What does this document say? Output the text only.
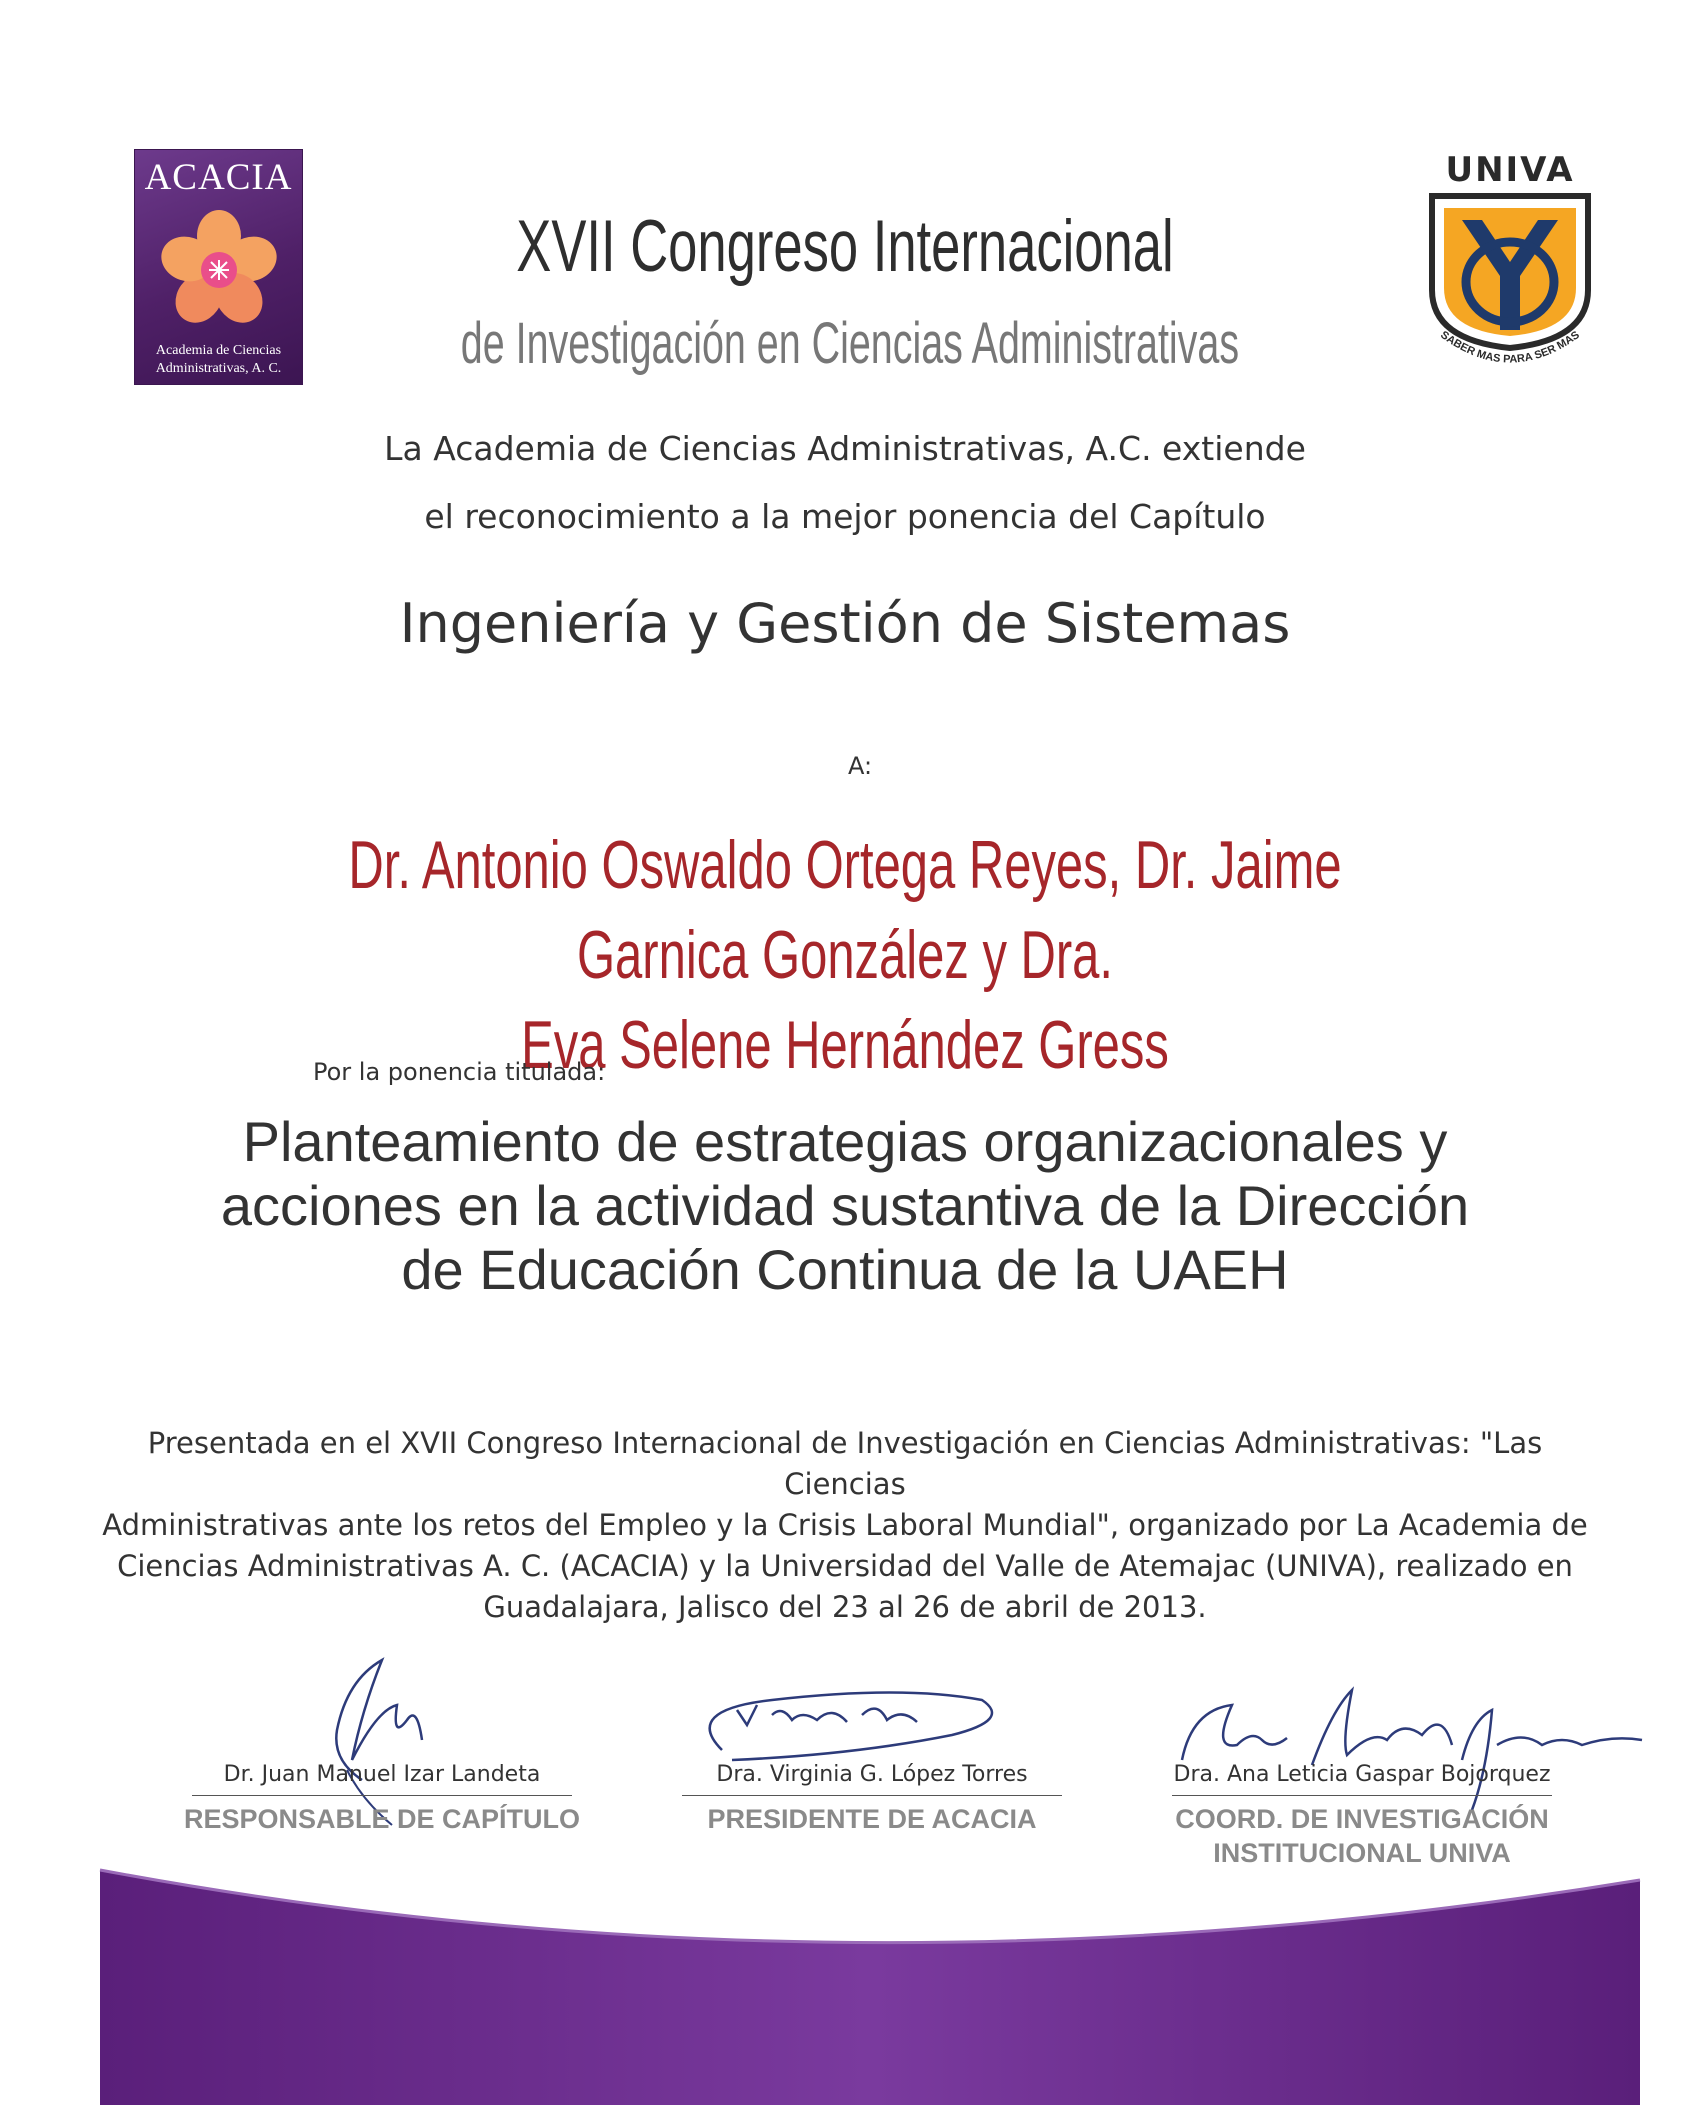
ACACIA
Academia de Ciencias
Administrativas, A. C.
UNIVA
SABER MAS PARA SER MAS
XVII Congreso Internacional
de Investigación en Ciencias Administrativas
La Academia de Ciencias Administrativas, A.C. extiende
el reconocimiento a la mejor ponencia del Capítulo
Ingeniería y Gestión de Sistemas
A:
Dr. Antonio Oswaldo Ortega Reyes, Dr. Jaime Garnica González y Dra.
Eva Selene Hernández Gress
Por la ponencia titulada:
Planteamiento de estrategias organizacionales y
acciones en la actividad sustantiva de la Dirección
de Educación Continua de la UAEH
Presentada en el XVII Congreso Internacional de Investigación en Ciencias Administrativas: "Las Ciencias
Administrativas ante los retos del Empleo y la Crisis Laboral Mundial", organizado por La Academia de
Ciencias Administrativas A. C. (ACACIA) y la Universidad del Valle de Atemajac (UNIVA), realizado en
Guadalajara, Jalisco del 23 al 26 de abril de 2013.
Dr. Juan Manuel Izar Landeta
RESPONSABLE DE CAPÍTULO
Dra. Virginia G. López Torres
PRESIDENTE DE ACACIA
Dra. Ana Leticia Gaspar Bojorquez
COORD. DE INVESTIGACIÓN
INSTITUCIONAL UNIVA
